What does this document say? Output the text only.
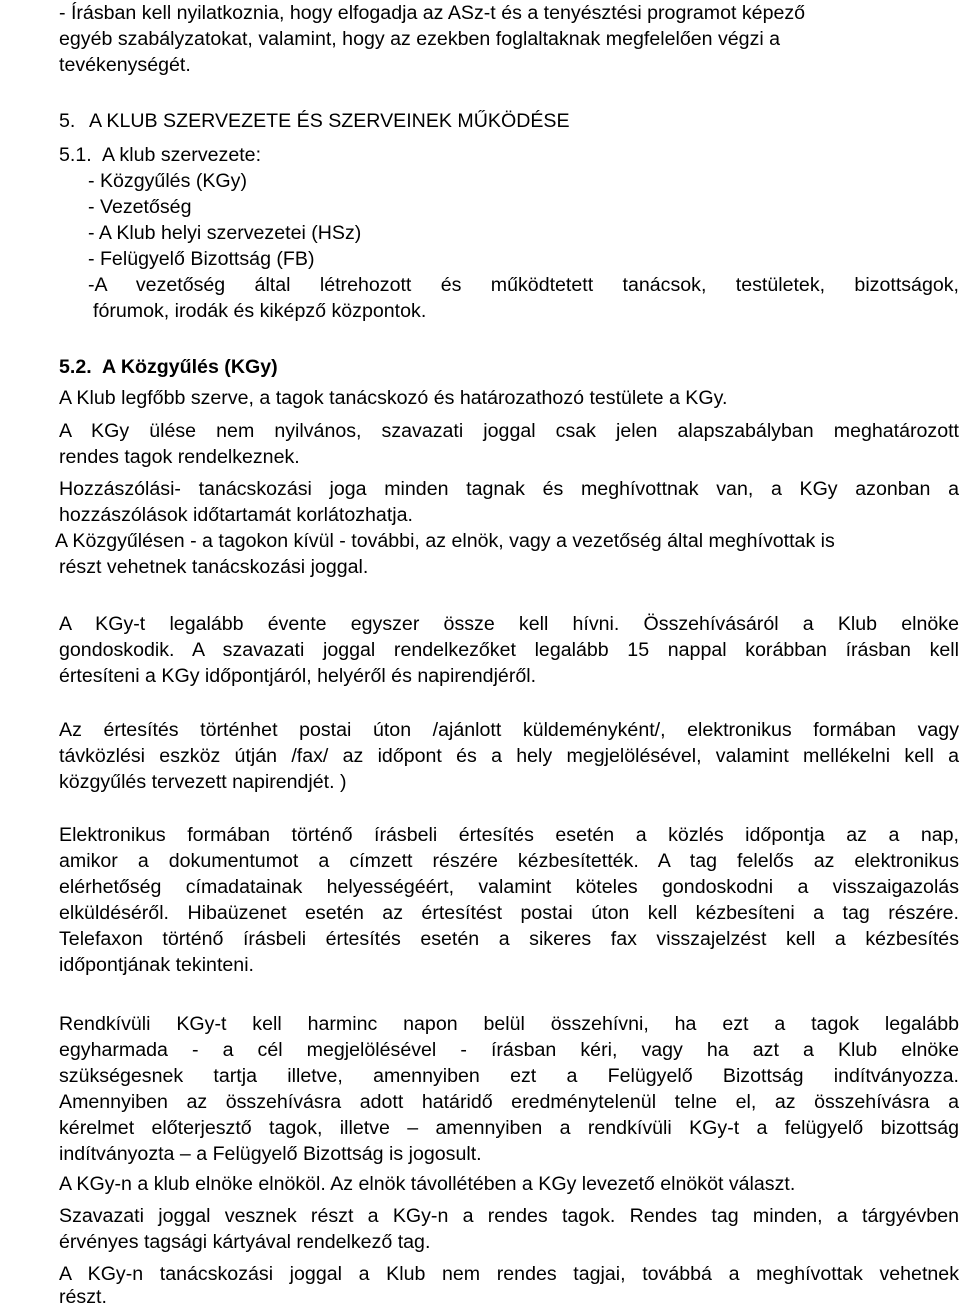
- Írásban kell nyilatkoznia, hogy elfogadja az ASz-t és a tenyésztési programot képező
egyéb szabályzatokat, valamint, hogy az ezekben foglaltaknak megfelelően végzi a
tevékenységét.
5. A KLUB SZERVEZETE ÉS SZERVEINEK MŰKÖDÉSE
5.1. A klub szervezete:
- Közgyűlés (KGy)
- Vezetőség
- A Klub helyi szervezetei (HSz)
- Felügyelő Bizottság (FB)
-A vezetőség által létrehozott és működtetett tanácsok, testületek, bizottságok,
fórumok, irodák és kiképző központok.
5.2. A Közgyűlés (KGy)
A Klub legfőbb szerve, a tagok tanácskozó és határozathozó testülete a KGy.
A KGy ülése nem nyilvános, szavazati joggal csak jelen alapszabályban meghatározott
rendes tagok rendelkeznek.
Hozzászólási- tanácskozási joga minden tagnak és meghívottnak van, a KGy azonban a
hozzászólások időtartamát korlátozhatja.
A Közgyűlésen - a tagokon kívül - további, az elnök, vagy a vezetőség által meghívottak is
részt vehetnek tanácskozási joggal.
A KGy-t legalább évente egyszer össze kell hívni. Összehívásáról a Klub elnöke
gondoskodik. A szavazati joggal rendelkezőket legalább 15 nappal korábban írásban kell
értesíteni a KGy időpontjáról, helyéről és napirendjéről.
Az értesítés történhet postai úton /ajánlott küldeményként/, elektronikus formában vagy
távközlési eszköz útján /fax/ az időpont és a hely megjelölésével, valamint mellékelni kell a
közgyűlés tervezett napirendjét. )
Elektronikus formában történő írásbeli értesítés esetén a közlés időpontja az a nap,
amikor a dokumentumot a címzett részére kézbesítették. A tag felelős az elektronikus
elérhetőség címadatainak helyességéért, valamint köteles gondoskodni a visszaigazolás
elküldéséről. Hibaüzenet esetén az értesítést postai úton kell kézbesíteni a tag részére.
Telefaxon történő írásbeli értesítés esetén a sikeres fax visszajelzést kell a kézbesítés
időpontjának tekinteni.
Rendkívüli KGy-t kell harminc napon belül összehívni, ha ezt a tagok legalább
egyharmada - a cél megjelölésével - írásban kéri, vagy ha azt a Klub elnöke
szükségesnek tartja illetve, amennyiben ezt a Felügyelő Bizottság indítványozza.
Amennyiben az összehívásra adott határidő eredménytelenül telne el, az összehívásra a
kérelmet előterjesztő tagok, illetve – amennyiben a rendkívüli KGy-t a felügyelő bizottság
indítványozta – a Felügyelő Bizottság is jogosult.
A KGy-n a klub elnöke elnököl. Az elnök távollétében a KGy levezető elnököt választ.
Szavazati joggal vesznek részt a KGy-n a rendes tagok. Rendes tag minden, a tárgyévben
érvényes tagsági kártyával rendelkező tag.
A KGy-n tanácskozási joggal a Klub nem rendes tagjai, továbbá a meghívottak vehetnek
részt.
